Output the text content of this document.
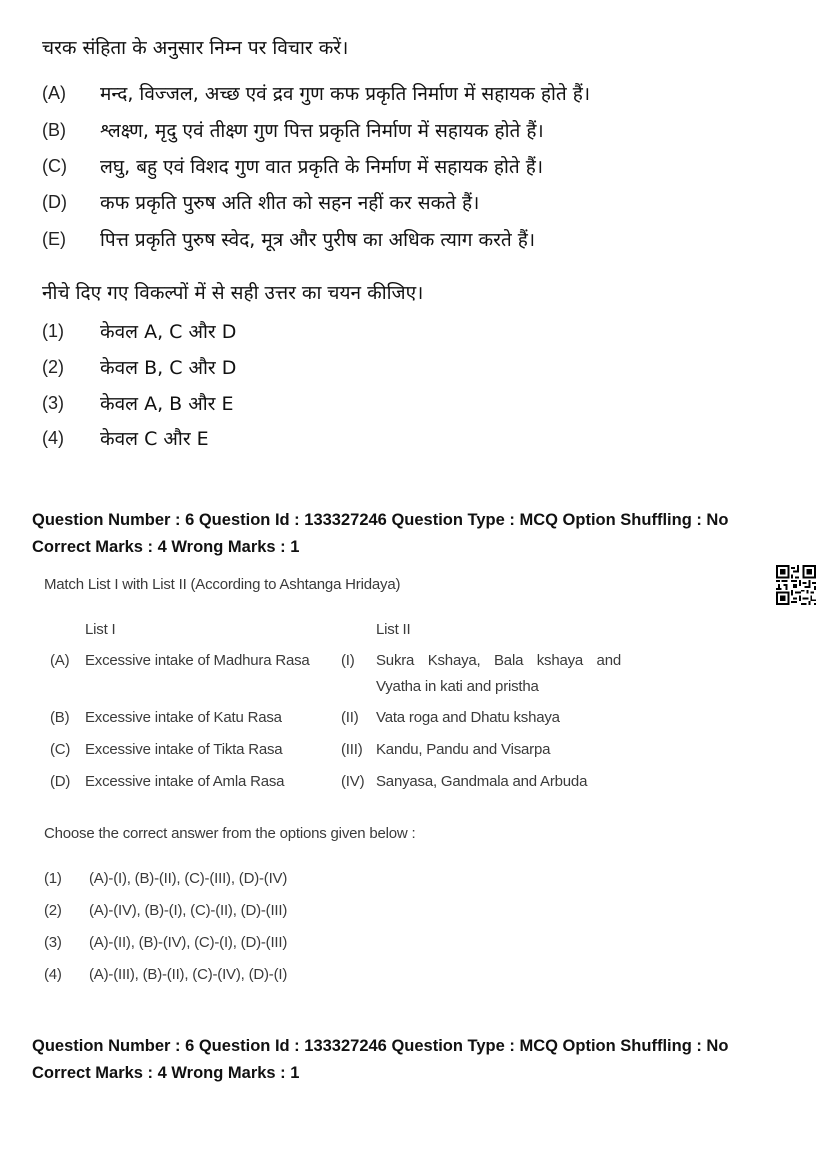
चरक संहिता के अनुसार निम्न पर विचार करें।
(A) मन्द, विज्जल, अच्छ एवं द्रव गुण कफ प्रकृति निर्माण में सहायक होते हैं।
(B) श्लक्ष्ण, मृदु एवं तीक्ष्ण गुण पित्त प्रकृति निर्माण में सहायक होते हैं।
(C) लघु, बहु एवं विशद गुण वात प्रकृति के निर्माण में सहायक होते हैं।
(D) कफ प्रकृति पुरुष अति शीत को सहन नहीं कर सकते हैं।
(E) पित्त प्रकृति पुरुष स्वेद, मूत्र और पुरीष का अधिक त्याग करते हैं।
नीचे दिए गए विकल्पों में से सही उत्तर का चयन कीजिए।
(1) केवल A, C और D
(2) केवल B, C और D
(3) केवल A, B और E
(4) केवल C और E
Question Number : 6 Question Id : 133327246 Question Type : MCQ Option Shuffling : No
Correct Marks : 4 Wrong Marks : 1
Match List I with List II (According to Ashtanga Hridaya)
List I	List II
(A) Excessive intake of Madhura Rasa (I) Sukra Kshaya, Bala kshaya and
Vyatha in kati and pristha
(B) Excessive intake of Katu Rasa	(II) Vata roga and Dhatu kshaya
(C) Excessive intake of Tikta Rasa	(III) Kandu, Pandu and Visarpa
(D) Excessive intake of Amla Rasa	(IV) Sanyasa, Gandmala and Arbuda
Choose the correct answer from the options given below :
(1) (A)-(I), (B)-(II), (C)-(III), (D)-(IV)
(2) (A)-(IV), (B)-(I), (C)-(II), (D)-(III)
(3) (A)-(II), (B)-(IV), (C)-(I), (D)-(III)
(4) (A)-(III), (B)-(II), (C)-(IV), (D)-(I)
Question Number : 6 Question Id : 133327246 Question Type : MCQ Option Shuffling : No
Correct Marks : 4 Wrong Marks : 1
